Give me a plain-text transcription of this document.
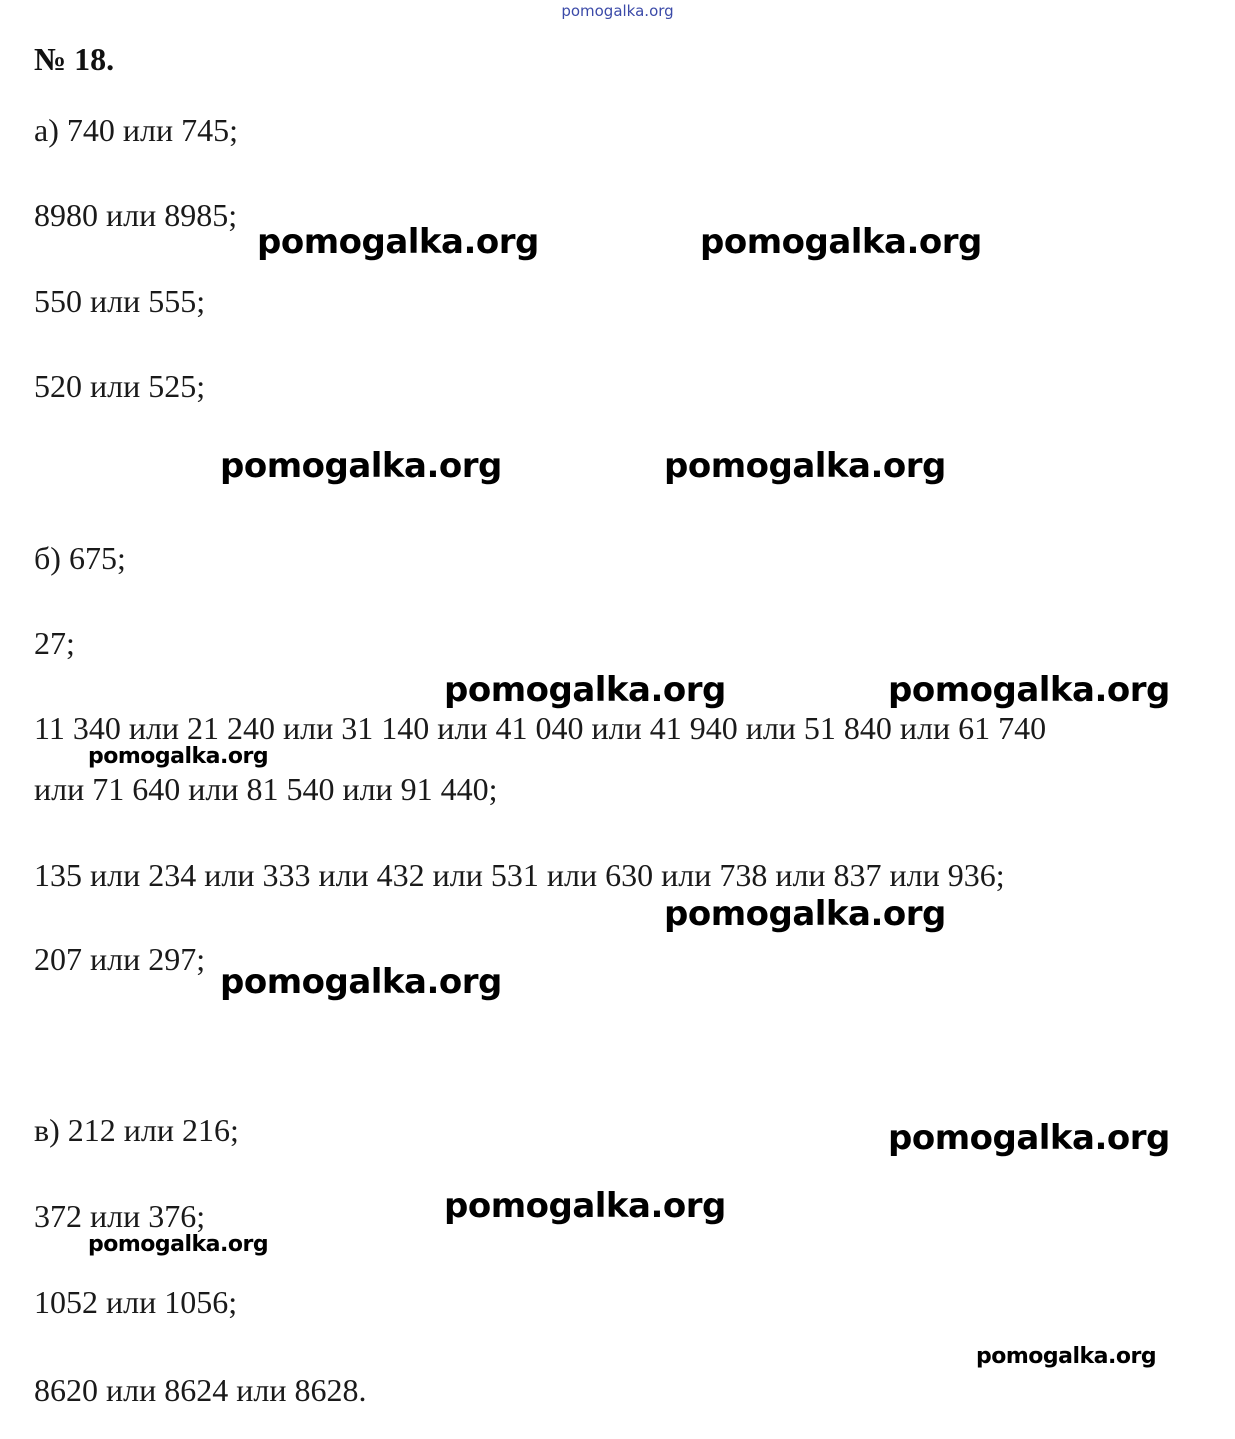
pomogalka.org
№ 18.
а) 740 или 745;
8980 или 8985;
550 или 555;
520 или 525;
б) 675;
27;
11 340 или 21 240 или 31 140 или 41 040 или 41 940 или 51 840 или 61 740
или 71 640 или 81 540 или 91 440;
135 или 234 или 333 или 432 или 531 или 630 или 738 или 837 или 936;
207 или 297;
в) 212 или 216;
372 или 376;
1052 или 1056;
8620 или 8624 или 8628.
pomogalka.org	pomogalka.org
pomogalka.org	pomogalka.org
pomogalka.org	pomogalka.org
pomogalka.org
pomogalka.org
pomogalka.org
pomogalka.org
pomogalka.org
pomogalka.org
pomogalka.org
